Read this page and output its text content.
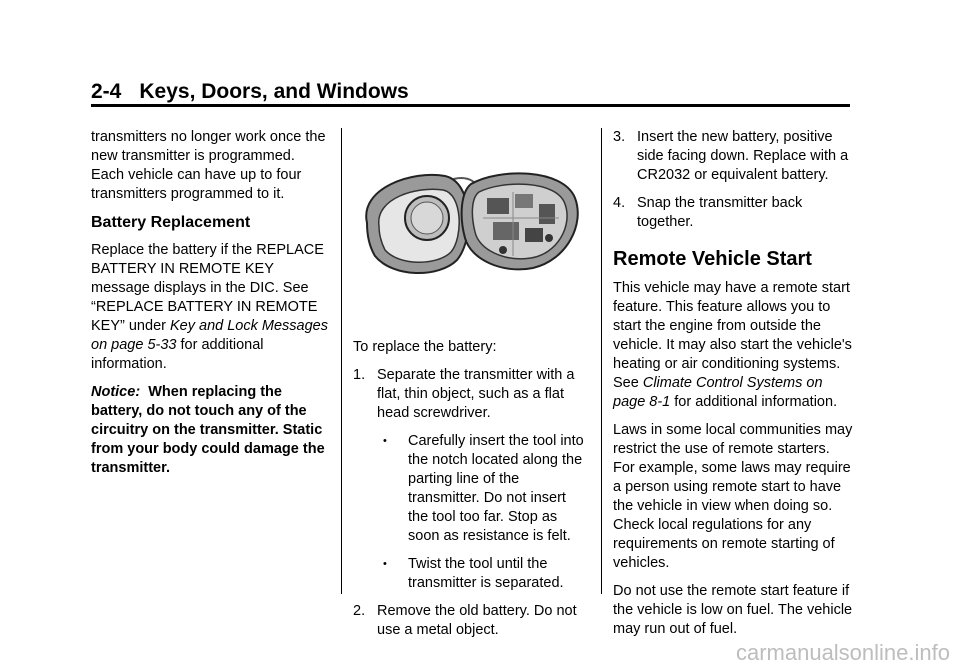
2-4 Keys, Doors, and Windows

transmitters no longer work once the new transmitter is programmed. Each vehicle can have up to four transmitters programmed to it.

Battery Replacement

Replace the battery if the REPLACE BATTERY IN REMOTE KEY message displays in the DIC. See “REPLACE BATTERY IN REMOTE KEY” under Key and Lock Messages on page 5-33 for additional information.

Notice: When replacing the battery, do not touch any of the circuitry on the transmitter. Static from your body could damage the transmitter.

To replace the battery:

1. Separate the transmitter with a flat, thin object, such as a flat head screwdriver.
• Carefully insert the tool into the notch located along the parting line of the transmitter. Do not insert the tool too far. Stop as soon as resistance is felt.
• Twist the tool until the transmitter is separated.
2. Remove the old battery. Do not use a metal object.
3. Insert the new battery, positive side facing down. Replace with a CR2032 or equivalent battery.
4. Snap the transmitter back together.
Remote Vehicle Start

This vehicle may have a remote start feature. This feature allows you to start the engine from outside the vehicle. It may also start the vehicle's heating or air conditioning systems. See Climate Control Systems on page 8-1 for additional information.

Laws in some local communities may restrict the use of remote starters. For example, some laws may require a person using remote start to have the vehicle in view when doing so. Check local regulations for any requirements on remote starting of vehicles.

Do not use the remote start feature if the vehicle is low on fuel. The vehicle may run out of fuel.

carmanualsonline.info
